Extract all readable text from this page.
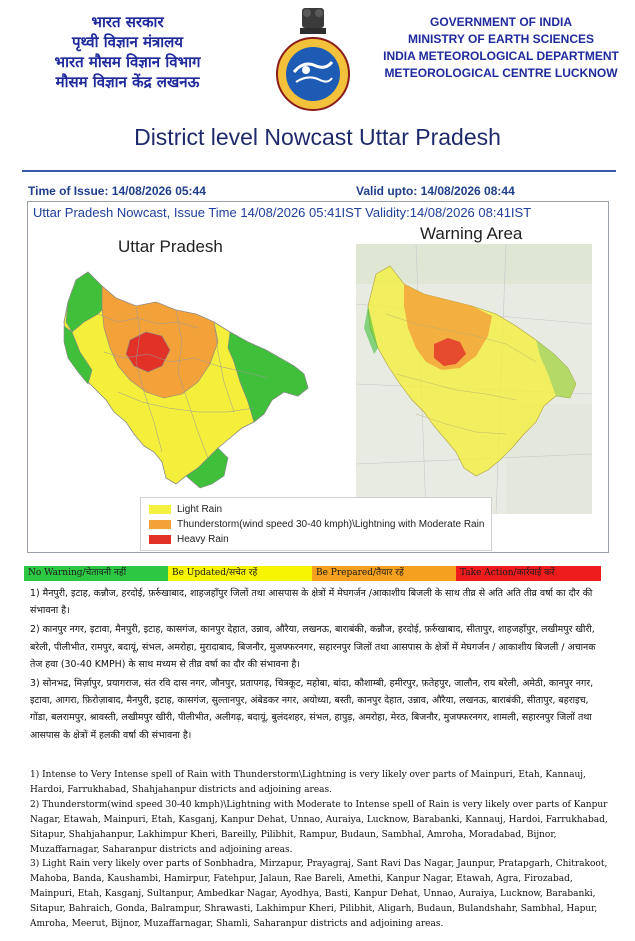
भारत सरकार
पृथ्वी विज्ञान मंत्रालय
भारत मौसम विज्ञान विभाग
मौसम विज्ञान केंद्र लखनऊ
GOVERNMENT OF INDIA
MINISTRY OF EARTH SCIENCES
INDIA METEOROLOGICAL DEPARTMENT
METEOROLOGICAL CENTRE LUCKNOW
District level Nowcast Uttar Pradesh
Time of Issue: 14/08/2026 05:44	Valid upto: 14/08/2026 08:44
Uttar Pradesh Nowcast, Issue Time 14/08/2026 05:41IST Validity:14/08/2026 08:41IST
Uttar Pradesh
Warning Area
Light Rain
Thunderstorm(wind speed 30-40 kmph)\Lightning with Moderate Rain
Heavy Rain
No Warning/चेतावनी नहीं	Be Updated/सचेत रहें	Be Prepared/तैयार रहें	Take Action/कार्रवाई करें

1) मैनपुरी, इटाह, कन्नौज, हरदोई, फ़र्रुखाबाद, शाहजहाँपुर जिलों तथा आसपास के क्षेत्रों में मेघगर्जन /आकाशीय बिजली के साथ तीव्र से अति अति तीव्र वर्षा का दौर की संभावना है।

2) कानपुर नगर, इटावा, मैनपुरी, इटाह, कासगंज, कानपुर देहात, उन्नाव, औरैया, लखनऊ, बाराबंकी, कन्नौज, हरदोई, फ़र्रुखाबाद, सीतापुर, शाहजहाँपुर, लखीमपुर खीरी, बरेली, पीलीभीत, रामपुर, बदायूं, संभल, अमरोहा, मुरादाबाद, बिजनौर, मुजफ्फरनगर, सहारनपुर जिलों तथा आसपास के क्षेत्रों में मेघगर्जन / आकाशीय बिजली / अचानक तेज हवा (30-40 KMPH) के साथ मध्यम से तीव्र वर्षा का दौर की संभावना है।

3) सोनभद्र, मिर्ज़ापुर, प्रयागराज, संत रवि दास नगर, जौनपुर, प्रतापगढ़, चित्रकूट, महोबा, बांदा, कौशाम्बी, हमीरपुर, फ़तेहपुर, जालौन, राय बरेली, अमेठी, कानपुर नगर, इटावा, आगरा, फ़िरोज़ाबाद, मैनपुरी, इटाह, कासगंज, सुल्तानपुर, अंबेडकर नगर, अयोध्या, बस्ती, कानपुर देहात, उन्नाव, औरैया, लखनऊ, बाराबंकी, सीतापुर, बहराइच, गोंडा, बलरामपुर, श्रावस्ती, लखीमपुर खीरी, पीलीभीत, अलीगढ़, बदायूं, बुलंदशहर, संभल, हापुड़, अमरोहा, मेरठ, बिजनौर, मुजफ्फरनगर, शामली, सहारनपुर जिलों तथा आसपास के क्षेत्रों में हलकी वर्षा की संभावना है।

1) Intense to Very Intense spell of Rain with Thunderstorm\Lightning is very likely over parts of Mainpuri, Etah, Kannauj, Hardoi, Farrukhabad, Shahjahanpur districts and adjoining areas.

2) Thunderstorm(wind speed 30-40 kmph)\Lightning with Moderate to Intense spell of Rain is very likely over parts of Kanpur Nagar, Etawah, Mainpuri, Etah, Kasganj, Kanpur Dehat, Unnao, Auraiya, Lucknow, Barabanki, Kannauj, Hardoi, Farrukhabad, Sitapur, Shahjahanpur, Lakhimpur Kheri, Bareilly, Pilibhit, Rampur, Budaun, Sambhal, Amroha, Moradabad, Bijnor, Muzaffarnagar, Saharanpur districts and adjoining areas.

3) Light Rain very likely over parts of Sonbhadra, Mirzapur, Prayagraj, Sant Ravi Das Nagar, Jaunpur, Pratapgarh, Chitrakoot, Mahoba, Banda, Kaushambi, Hamirpur, Fatehpur, Jalaun, Rae Bareli, Amethi, Kanpur Nagar, Etawah, Agra, Firozabad, Mainpuri, Etah, Kasganj, Sultanpur, Ambedkar Nagar, Ayodhya, Basti, Kanpur Dehat, Unnao, Auraiya, Lucknow, Barabanki, Sitapur, Bahraich, Gonda, Balrampur, Shrawasti, Lakhimpur Kheri, Pilibhit, Aligarh, Budaun, Bulandshahr, Sambhal, Hapur, Amroha, Meerut, Bijnor, Muzaffarnagar, Shamli, Saharanpur districts and adjoining areas.
